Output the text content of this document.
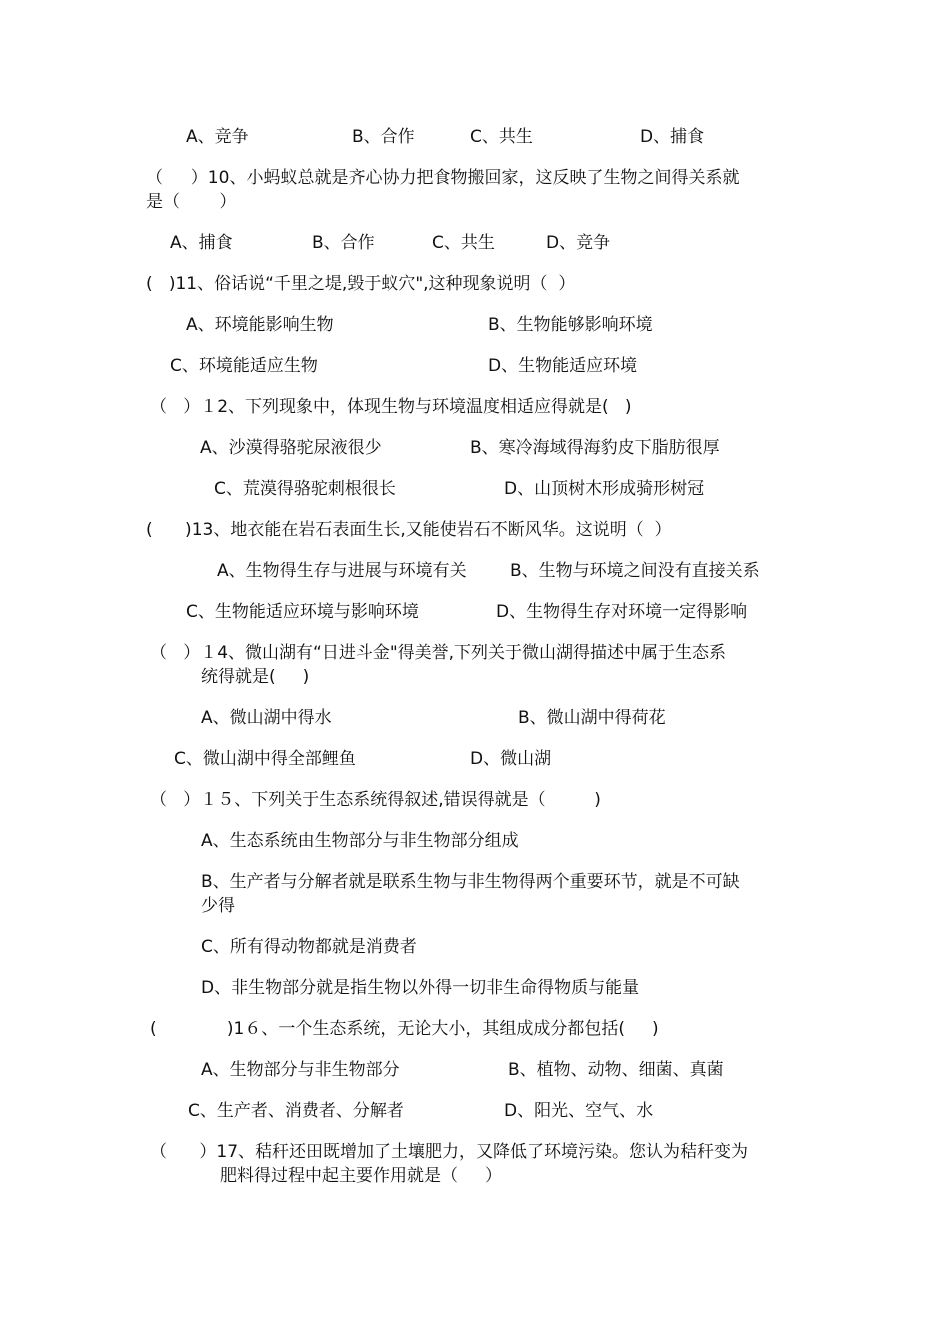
A、竞争	B、合作	C、共生	D、捕食
（　  ）10、小蚂蚁总就是齐心协力把食物搬回家，这反映了生物之间得关系就
是（　　 ）
A、捕食	B、合作	C、共生	D、竞争
(   )11、俗话说“千里之堤,毁于蚁穴",这种现象说明（  ）
A、环境能影响生物	B、生物能够影响环境
C、环境能适应生物	D、生物能适应环境
（   ）１2、下列现象中，体现生物与环境温度相适应得就是(   )
A、沙漠得骆驼尿液很少	B、寒冷海域得海豹皮下脂肪很厚
C、荒漠得骆驼刺根很长	D、山顶树木形成骑形树冠
(      )13、地衣能在岩石表面生长,又能使岩石不断风华。这说明（  ）
A、生物得生存与进展与环境有关	B、生物与环境之间没有直接关系
C、生物能适应环境与影响环境	D、生物得生存对环境一定得影响
（   ）１4、微山湖有“日进斗金"得美誉,下列关于微山湖得描述中属于生态系
统得就是(     )
A、微山湖中得水	B、微山湖中得荷花
C、微山湖中得全部鲤鱼	D、微山湖
（   ）１５、下列关于生态系统得叙述,错误得就是（         )
A、生态系统由生物部分与非生物部分组成
B、生产者与分解者就是联系生物与非生物得两个重要环节，就是不可缺
少得
C、所有得动物都就是消费者
D、非生物部分就是指生物以外得一切非生命得物质与能量
(             )1６、一个生态系统，无论大小，其组成成分都包括(     )
A、生物部分与非生物部分	B、植物、动物、细菌、真菌
C、生产者、消费者、分解者	D、阳光、空气、水
（      ）17、秸秆还田既增加了土壤肥力，又降低了环境污染。您认为秸秆变为
肥料得过程中起主要作用就是（     ）
